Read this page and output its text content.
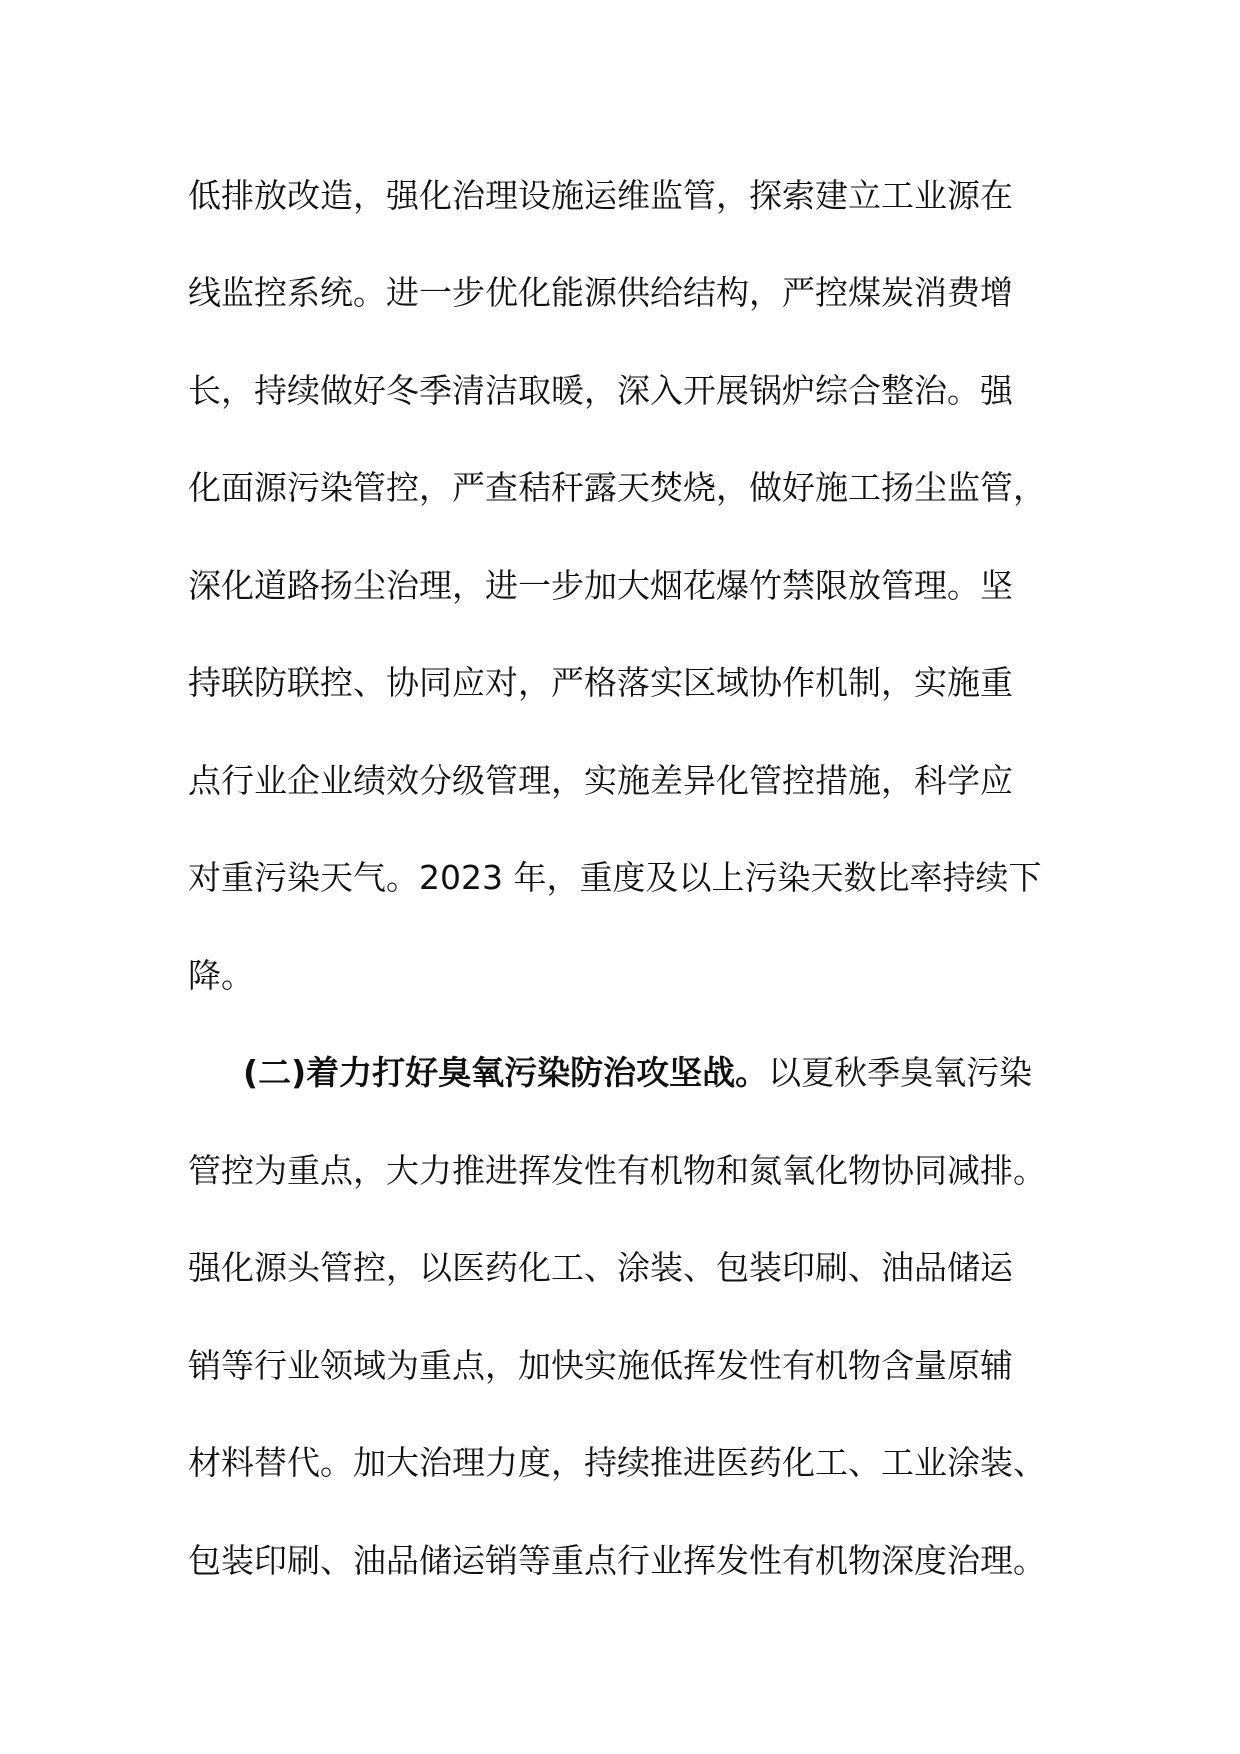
低排放改造，强化治理设施运维监管，探索建立工业源在
线监控系统。进一步优化能源供给结构，严控煤炭消费增
长，持续做好冬季清洁取暖，深入开展锅炉综合整治。强
化面源污染管控，严查秸秆露天焚烧，做好施工扬尘监管，
深化道路扬尘治理，进一步加大烟花爆竹禁限放管理。坚
持联防联控、协同应对，严格落实区域协作机制，实施重
点行业企业绩效分级管理，实施差异化管控措施，科学应
对重污染天气。2023 年，重度及以上污染天数比率持续下
降。
(二)着力打好臭氧污染防治攻坚战。以夏秋季臭氧污染
管控为重点，大力推进挥发性有机物和氮氧化物协同减排。
强化源头管控，以医药化工、涂装、包装印刷、油品储运
销等行业领域为重点，加快实施低挥发性有机物含量原辅
材料替代。加大治理力度，持续推进医药化工、工业涂装、
包装印刷、油品储运销等重点行业挥发性有机物深度治理。
